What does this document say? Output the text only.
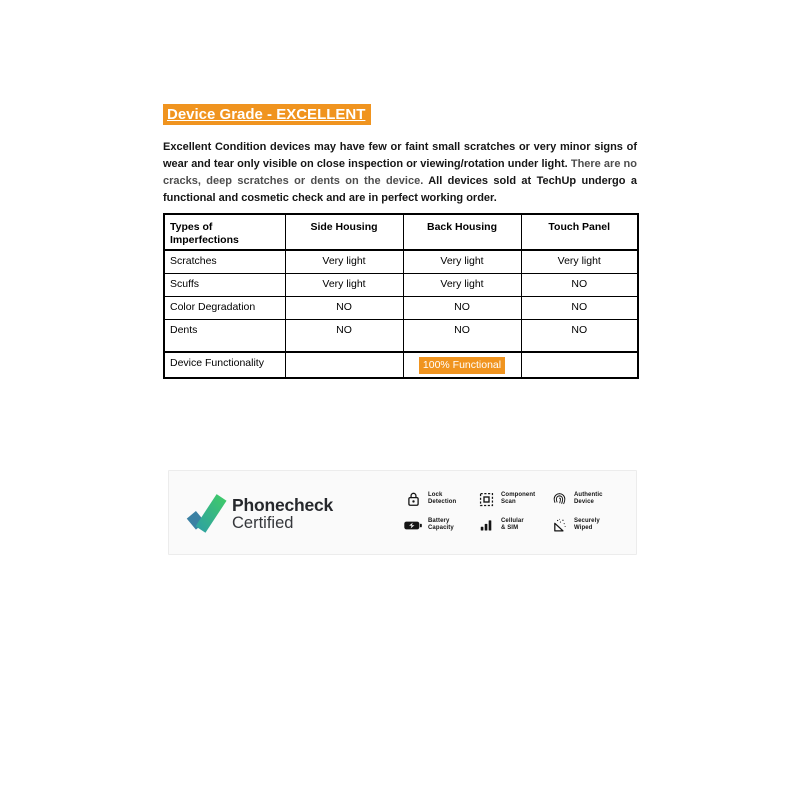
Device Grade - EXCELLENT

Excellent Condition devices may have few or faint small scratches or very minor signs of wear and tear only visible on close inspection or viewing/rotation under light. There are no cracks, deep scratches or dents on the device. All devices sold at TechUp undergo a functional and cosmetic check and are in perfect working order.

Types of Imperfections	Side Housing	Back Housing	Touch Panel
Scratches	Very light	Very light	Very light
Scuffs	Very light	Very light	NO
Color Degradation	NO	NO	NO
Dents	NO	NO	NO
Device Functionality		100% Functional	
Phonecheck
Certified
Lock
Detection
Component
Scan
Authentic
Device
Battery
Capacity
Cellular
& SIM
Securely
Wiped
